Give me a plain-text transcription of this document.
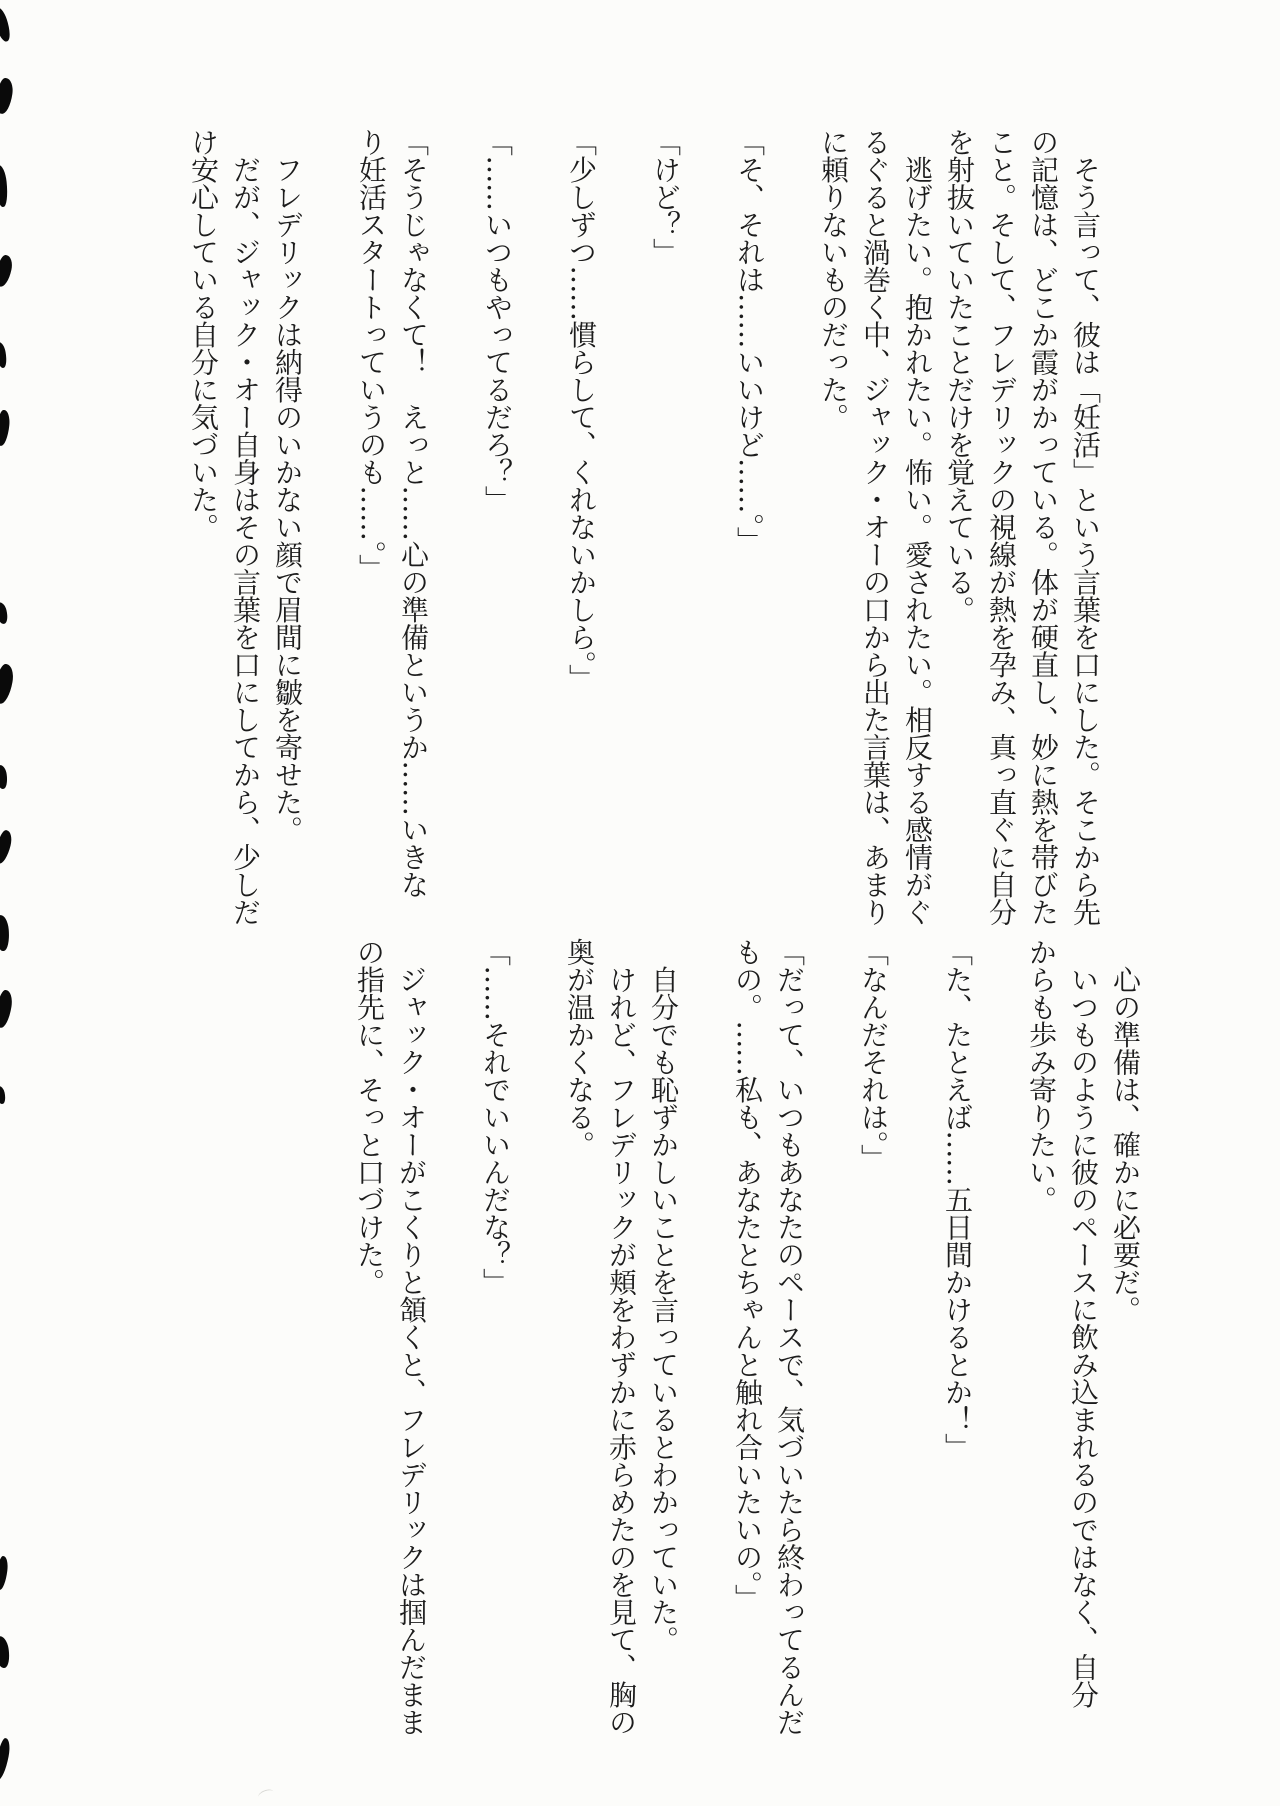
　そう言って、彼は「妊活」という言葉を口にした。そこから先
の記憶は、どこか霞がかっている。体が硬直し、妙に熱を帯びた
こと。そして、フレデリックの視線が熱を孕み、真っ直ぐに自分
を射抜いていたことだけを覚えている。
　逃げたい。抱かれたい。怖い。愛されたい。相反する感情がぐ
るぐると渦巻く中、ジャック・オーの口から出た言葉は、あまり
に頼りないものだった。
「そ、それは……いいけど……。」
「けど？」
「少しずつ……慣らして、くれないかしら。」
「……いつもやってるだろ？」
「そうじゃなくて！　えっと……心の準備というか……いきな
り妊活スタートっていうのも……。」
　フレデリックは納得のいかない顔で眉間に皺を寄せた。
　だが、ジャック・オー自身はその言葉を口にしてから、少しだ
け安心している自分に気づいた。
　心の準備は、確かに必要だ。
　いつものように彼のペースに飲み込まれるのではなく、自分
からも歩み寄りたい。
「た、たとえば……五日間かけるとか！」
「なんだそれは。」
「だって、いつもあなたのペースで、気づいたら終わってるんだ
もの。……私も、あなたとちゃんと触れ合いたいの。」
　自分でも恥ずかしいことを言っているとわかっていた。
　けれど、フレデリックが頬をわずかに赤らめたのを見て、胸の
奥が温かくなる。
「……それでいいんだな？」
　ジャック・オーがこくりと頷くと、フレデリックは掴んだまま
の指先に、そっと口づけた。
